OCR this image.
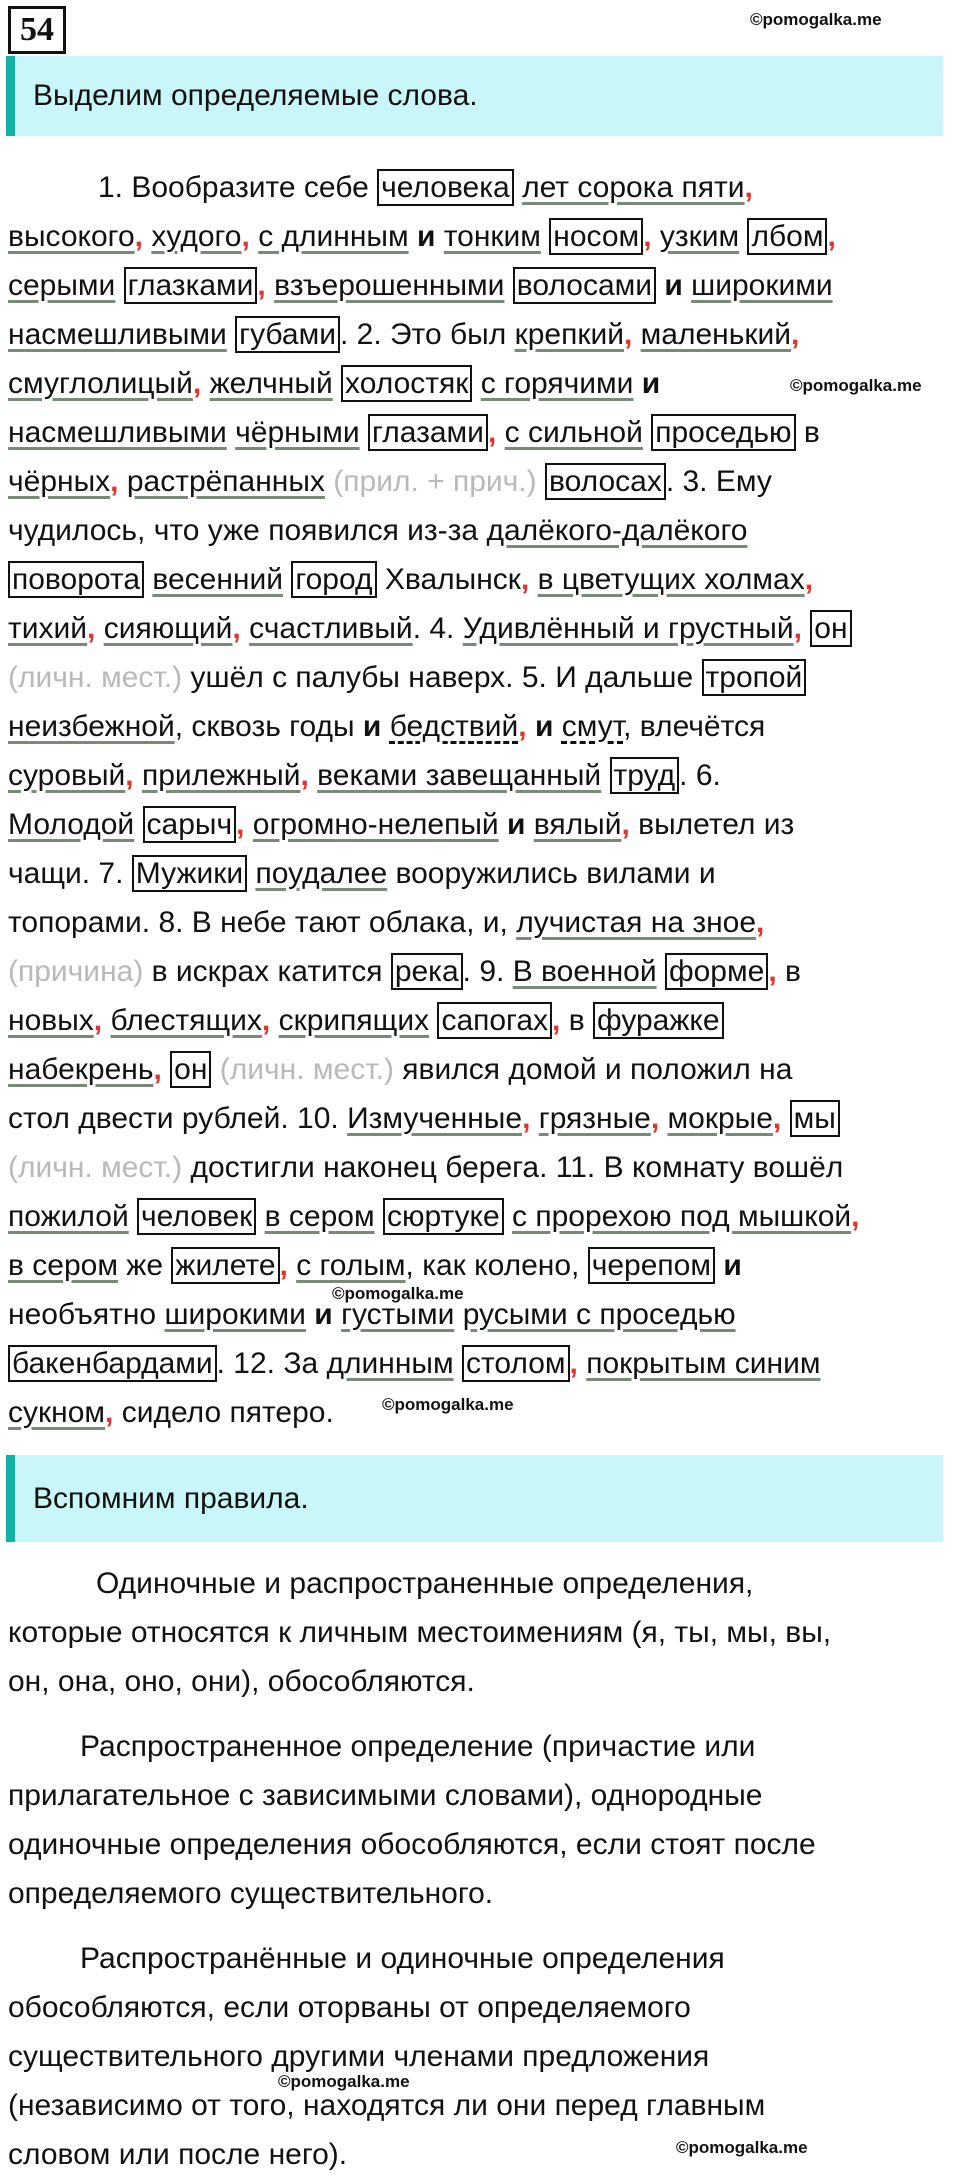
54	©pomogalka.me
Выделим определяемые слова.
1. Вообразите себе человека лет сорока пяти,
высокого, худого, с длинным и тонким носом , узким лбом ,
серыми глазками , взъерошенными волосами и широкими
насмешливыми губами . 2. Это был крепкий, маленький,
смуглолицый, желчный холостяк с горячими и
насмешливыми чёрными глазами , с сильной проседью в
чёрных, растрёпанных (прил. + прич.) волосах . 3. Ему
чудилось, что уже появился из-за далёкого-далёкого
поворота весенний город Хвалынск, в цветущих холмах,
тихий, сияющий, счастливый. 4. Удивлённый и грустный, он
(личн. мест.) ушёл с палубы наверх. 5. И дальше тропой
неизбежной, сквозь годы и бедствий, и смут, влечётся
суровый, прилежный, веками завещанный труд . 6.
Молодой сарыч , огромно-нелепый и вялый, вылетел из
чащи. 7. Мужики поудалее вооружились вилами и
топорами. 8. В небе тают облака, и, лучистая на зное,
(причина) в искрах катится река . 9. В военной форме , в
новых, блестящих, скрипящих сапогах , в фуражке
набекрень, он (личн. мест.) явился домой и положил на
стол двести рублей. 10. Измученные, грязные, мокрые, мы
(личн. мест.) достигли наконец берега. 11. В комнату вошёл
пожилой человек в сером сюртуке с прорехою под мышкой,
в сером же жилете , с голым, как колено, черепом и
необъятно широкими и густыми русыми с проседью
бакенбардами . 12. За длинным столом , покрытым синим
сукном, сидело пятеро.
©pomogalka.me
©pomogalka.me
©pomogalka.me
Вспомним правила.
Одиночные и распространенные определения,
которые относятся к личным местоимениям (я, ты, мы, вы,
он, она, оно, они), обособляются.
Распространенное определение (причастие или
прилагательное с зависимыми словами), однородные
одиночные определения обособляются, если стоят после
определяемого существительного.
Распространённые и одиночные определения
обособляются, если оторваны от определяемого
существительного другими членами предложения
(независимо от того, находятся ли они перед главным
словом или после него).
©pomogalka.me
©pomogalka.me
